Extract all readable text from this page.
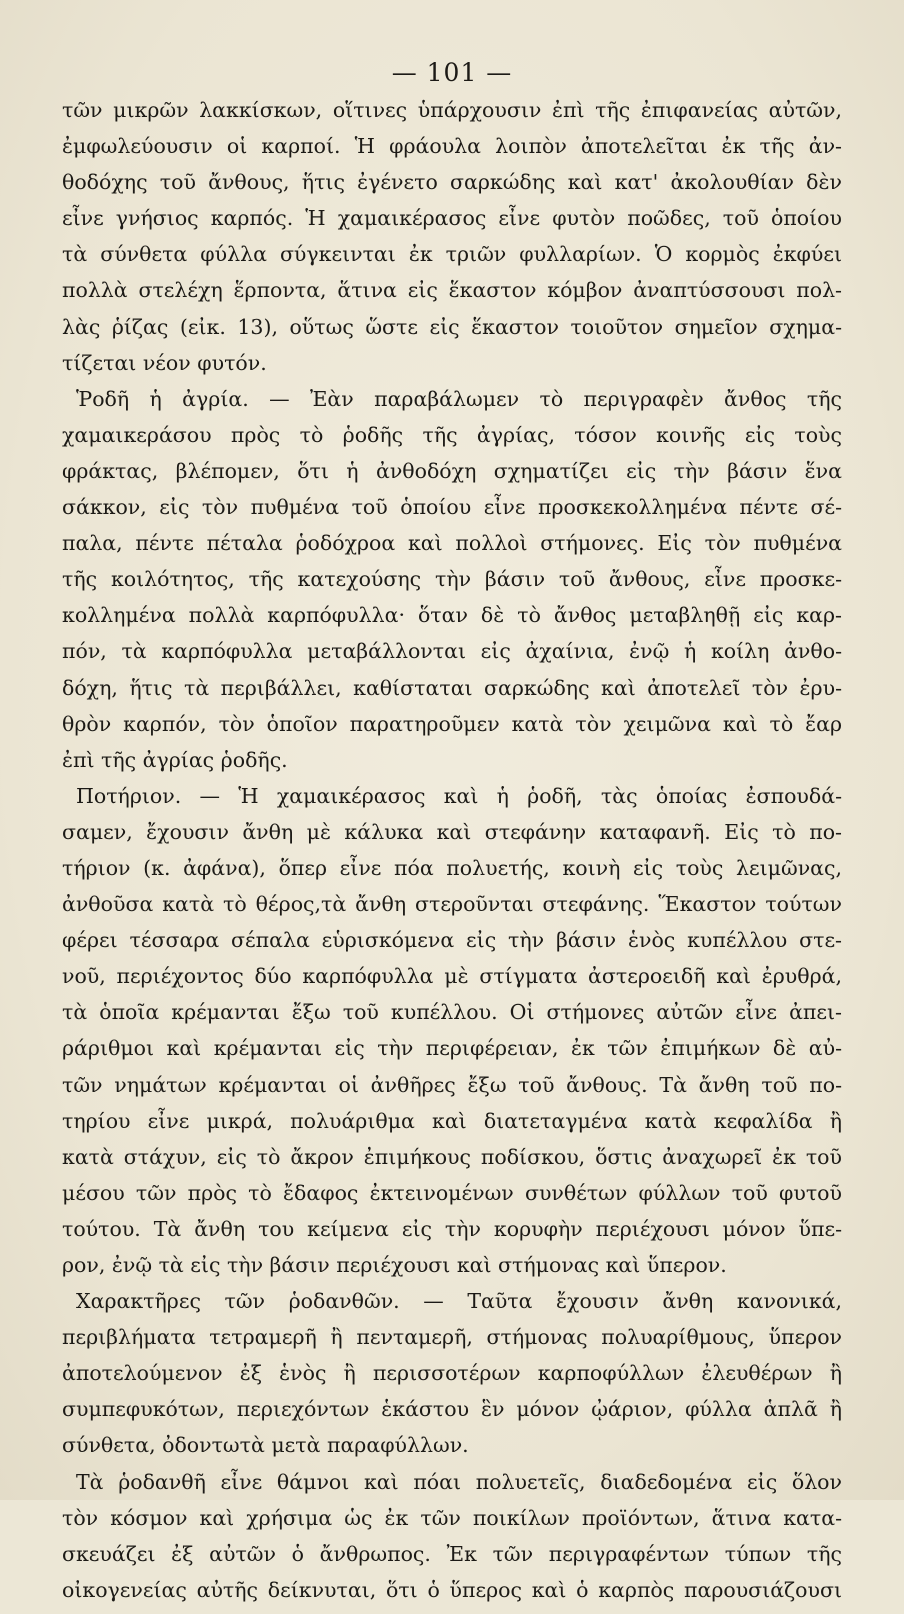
— 101 —
τῶν μικρῶν λακκίσκων, οἵτινες ὑπάρχουσιν ἐπὶ τῆς ἐπιφανείας αὐτῶν,
ἐμφωλεύουσιν οἱ καρποί. Ἡ φράουλα λοιπὸν ἀποτελεῖται ἐκ τῆς ἀν-
θοδόχης τοῦ ἄνθους, ἥτις ἐγένετο σαρκώδης καὶ κατ' ἀκολουθίαν δὲν
εἶνε γνήσιος καρπός. Ἡ χαμαικέρασος εἶνε φυτὸν ποῶδες, τοῦ ὁποίου
τὰ σύνθετα φύλλα σύγκεινται ἐκ τριῶν φυλλαρίων. Ὁ κορμὸς ἐκφύει
πολλὰ στελέχη ἕρποντα, ἅτινα εἰς ἕκαστον κόμβον ἀναπτύσσουσι πολ-
λὰς ῥίζας (εἰκ. 13), οὕτως ὥστε εἰς ἕκαστον τοιοῦτον σημεῖον σχημα-
τίζεται νέον φυτόν.
Ῥοδῆ ἡ ἀγρία. — Ἐὰν παραβάλωμεν τὸ περιγραφὲν ἄνθος τῆς
χαμαικεράσου πρὸς τὸ ῥοδῆς τῆς ἀγρίας, τόσον κοινῆς εἰς τοὺς
φράκτας, βλέπομεν, ὅτι ἡ ἀνθοδόχη σχηματίζει εἰς τὴν βάσιν ἕνα
σάκκον, εἰς τὸν πυθμένα τοῦ ὁποίου εἶνε προσκεκολλημένα πέντε σέ-
παλα, πέντε πέταλα ῥοδόχροα καὶ πολλοὶ στήμονες. Εἰς τὸν πυθμένα
τῆς κοιλότητος, τῆς κατεχούσης τὴν βάσιν τοῦ ἄνθους, εἶνε προσκε-
κολλημένα πολλὰ καρπόφυλλα· ὅταν δὲ τὸ ἄνθος μεταβληθῇ εἰς καρ-
πόν, τὰ καρπόφυλλα μεταβάλλονται εἰς ἀχαίνια, ἐνῷ ἡ κοίλη ἀνθο-
δόχη, ἥτις τὰ περιβάλλει, καθίσταται σαρκώδης καὶ ἀποτελεῖ τὸν ἐρυ-
θρὸν καρπόν, τὸν ὁποῖον παρατηροῦμεν κατὰ τὸν χειμῶνα καὶ τὸ ἔαρ
ἐπὶ τῆς ἀγρίας ῥοδῆς.
Ποτήριον. — Ἡ χαμαικέρασος καὶ ἡ ῥοδῆ, τὰς ὁποίας ἐσπουδά-
σαμεν, ἔχουσιν ἄνθη μὲ κάλυκα καὶ στεφάνην καταφανῆ. Εἰς τὸ πο-
τήριον (κ. ἀφάνα), ὅπερ εἶνε πόα πολυετής, κοινὴ εἰς τοὺς λειμῶνας,
ἀνθοῦσα κατὰ τὸ θέρος,τὰ ἄνθη στεροῦνται στεφάνης. Ἕκαστον τούτων
φέρει τέσσαρα σέπαλα εὑρισκόμενα εἰς τὴν βάσιν ἑνὸς κυπέλλου στε-
νοῦ, περιέχοντος δύο καρπόφυλλα μὲ στίγματα ἀστεροειδῆ καὶ ἐρυθρά,
τὰ ὁποῖα κρέμανται ἔξω τοῦ κυπέλλου. Οἱ στήμονες αὐτῶν εἶνε ἀπει-
ράριθμοι καὶ κρέμανται εἰς τὴν περιφέρειαν, ἐκ τῶν ἐπιμήκων δὲ αὐ-
τῶν νημάτων κρέμανται οἱ ἀνθῆρες ἔξω τοῦ ἄνθους. Τὰ ἄνθη τοῦ πο-
τηρίου εἶνε μικρά, πολυάριθμα καὶ διατεταγμένα κατὰ κεφαλίδα ἢ
κατὰ στάχυν, εἰς τὸ ἄκρον ἐπιμήκους ποδίσκου, ὅστις ἀναχωρεῖ ἐκ τοῦ
μέσου τῶν πρὸς τὸ ἔδαφος ἐκτεινομένων συνθέτων φύλλων τοῦ φυτοῦ
τούτου. Τὰ ἄνθη του κείμενα εἰς τὴν κορυφὴν περιέχουσι μόνον ὕπε-
ρον, ἐνῷ τὰ εἰς τὴν βάσιν περιέχουσι καὶ στήμονας καὶ ὕπερον.
Χαρακτῆρες τῶν ῥοδανθῶν. — Ταῦτα ἔχουσιν ἄνθη κανονικά,
περιβλήματα τετραμερῆ ἢ πενταμερῆ, στήμονας πολυαρίθμους, ὕπερον
ἀποτελούμενον ἐξ ἑνὸς ἢ περισσοτέρων καρποφύλλων ἐλευθέρων ἢ
συμπεφυκότων, περιεχόντων ἑκάστου ἓν μόνον ᾠάριον, φύλλα ἁπλᾶ ἢ
σύνθετα, ὀδοντωτὰ μετὰ παραφύλλων.
Τὰ ῥοδανθῆ εἶνε θάμνοι καὶ πόαι πολυετεῖς, διαδεδομένα εἰς ὅλον
τὸν κόσμον καὶ χρήσιμα ὡς ἐκ τῶν ποικίλων προϊόντων, ἅτινα κατα-
σκευάζει ἐξ αὐτῶν ὁ ἄνθρωπος. Ἐκ τῶν περιγραφέντων τύπων τῆς
οἰκογενείας αὐτῆς δείκνυται, ὅτι ὁ ὕπερος καὶ ὁ καρπὸς παρουσιάζουσι
